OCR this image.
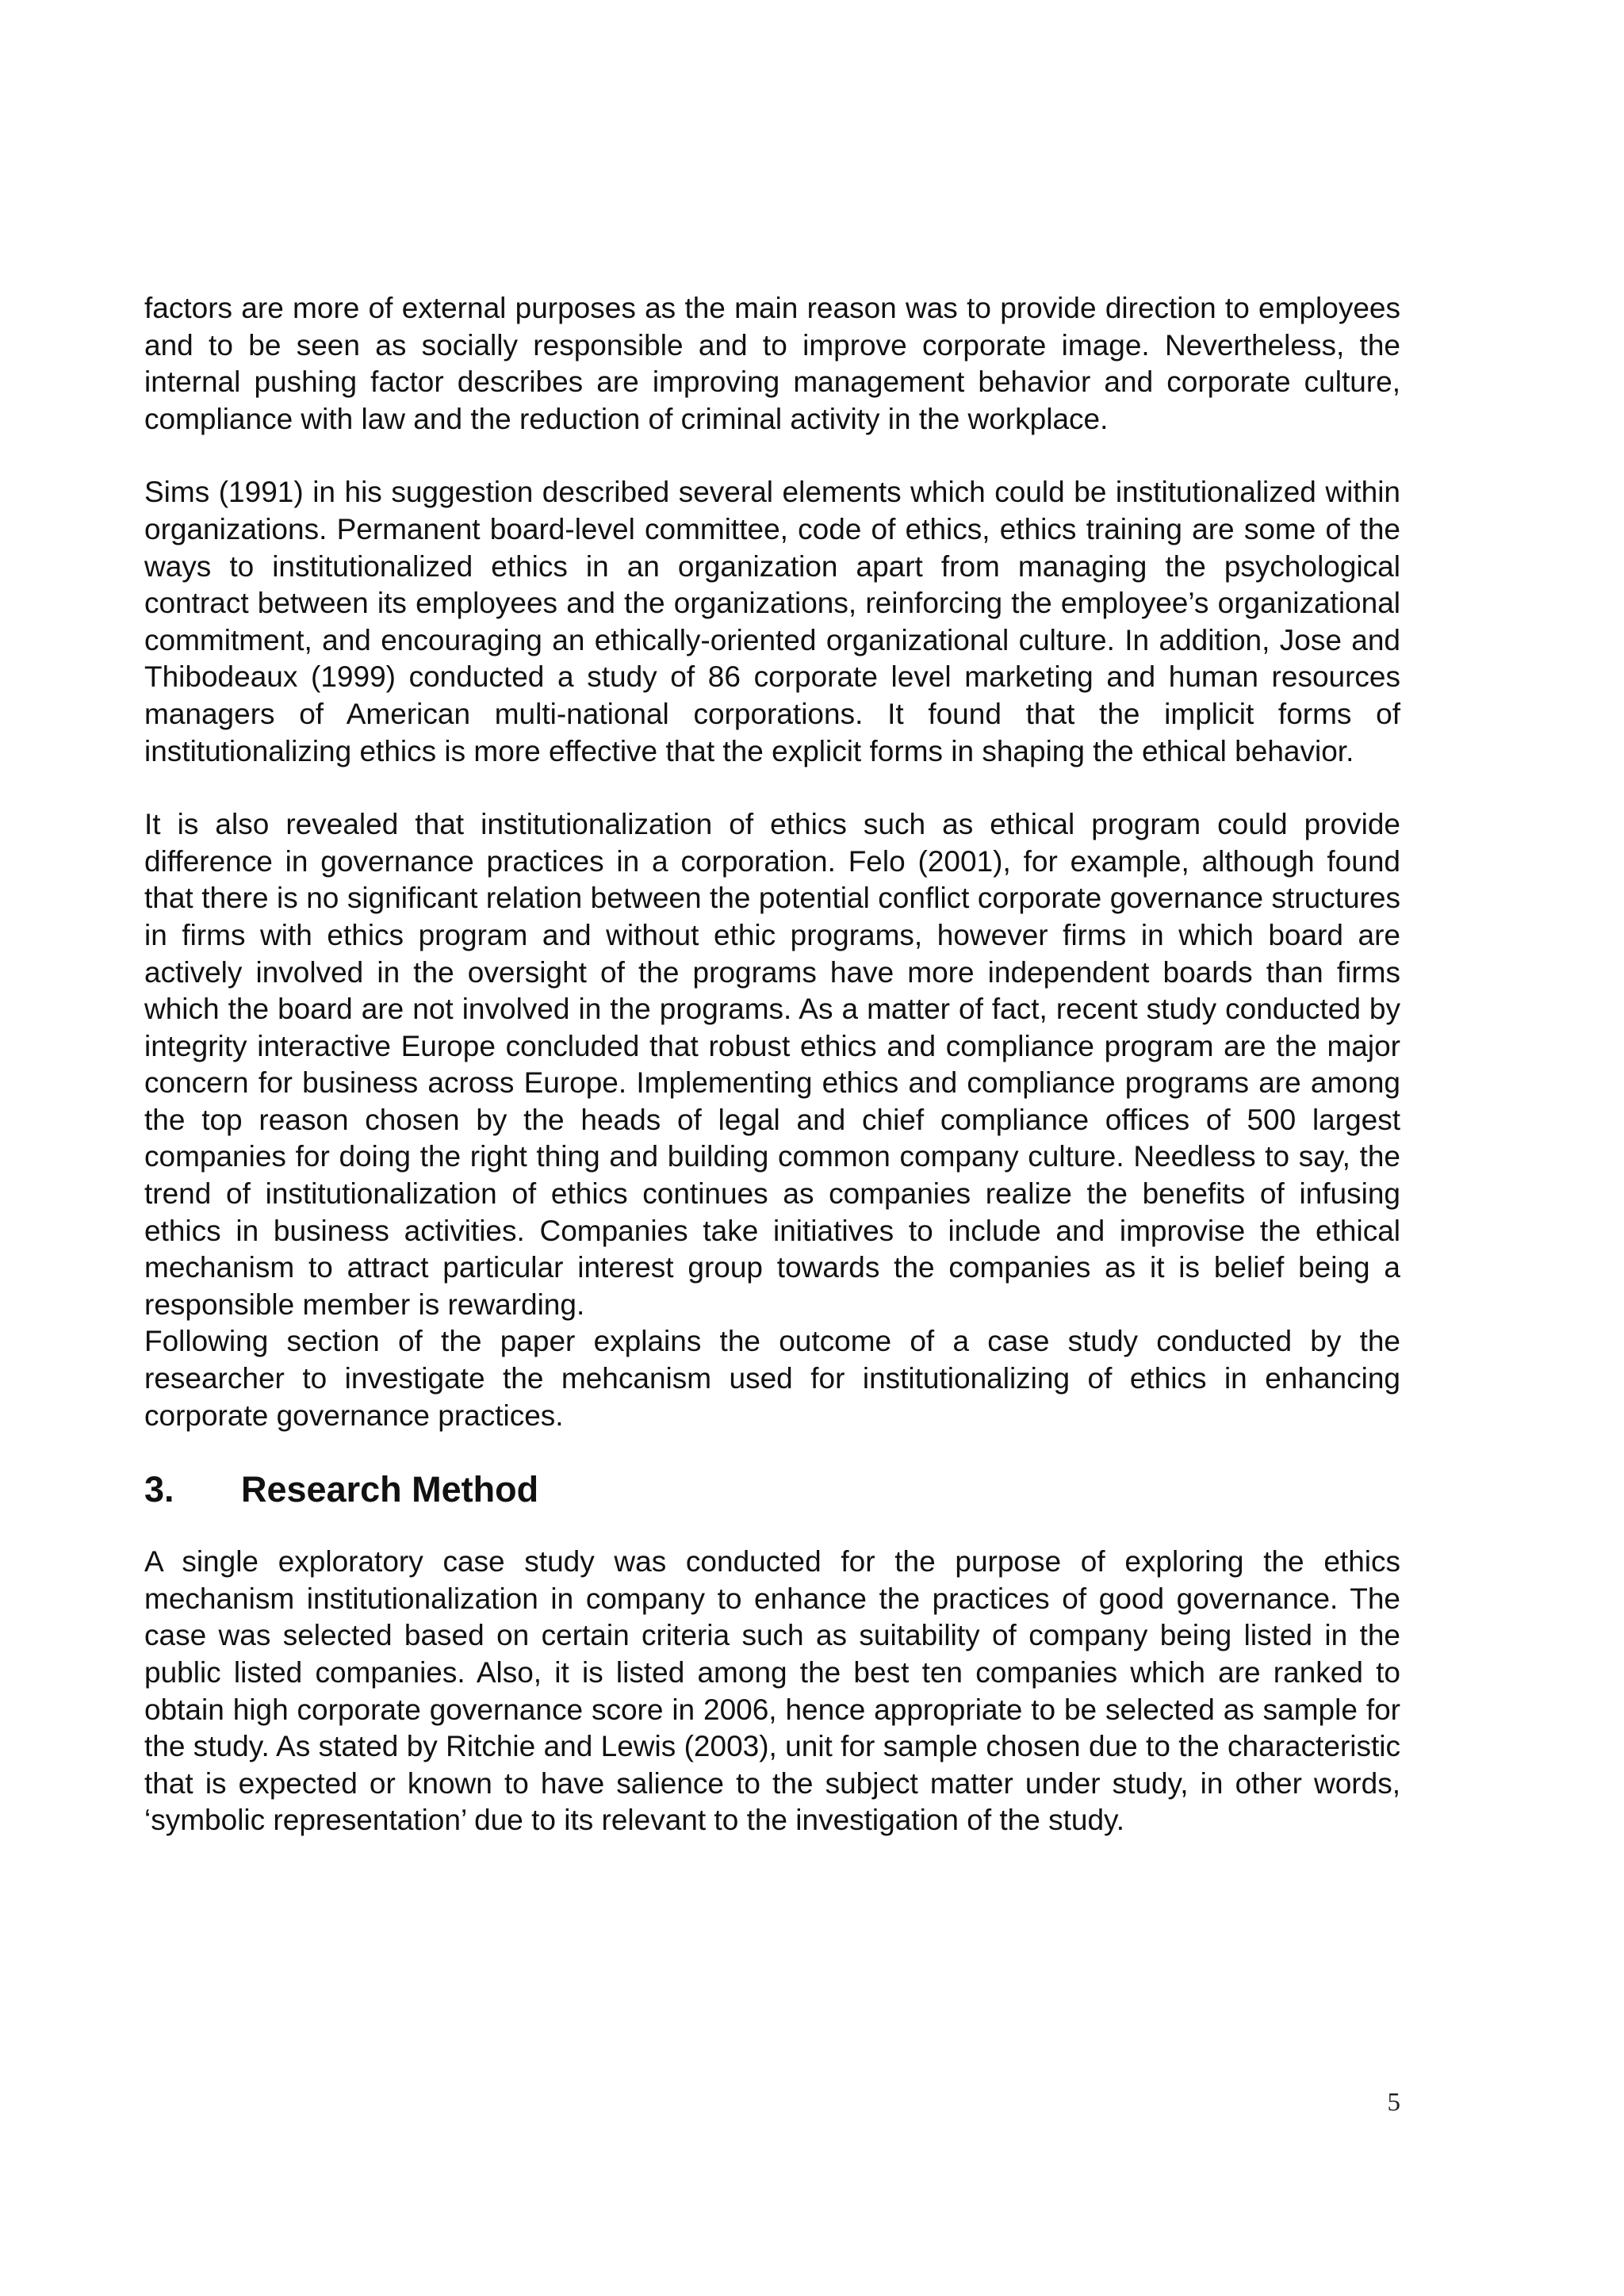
factors are more of external purposes as the main reason was to provide direction to employees and to be seen as socially responsible and to improve corporate image. Nevertheless, the internal pushing factor describes are improving management behavior and corporate culture, compliance with law and the reduction of criminal activity in the workplace.

Sims (1991) in his suggestion described several elements which could be institutionalized within organizations. Permanent board-level committee, code of ethics, ethics training are some of the ways to institutionalized ethics in an organization apart from managing the psychological contract between its employees and the organizations, reinforcing the employee’s organizational commitment, and encouraging an ethically-oriented organizational culture. In addition, Jose and Thibodeaux (1999) conducted a study of 86 corporate level marketing and human resources managers of American multi-national corporations. It found that the implicit forms of institutionalizing ethics is more effective that the explicit forms in shaping the ethical behavior.

It is also revealed that institutionalization of ethics such as ethical program could provide difference in governance practices in a corporation. Felo (2001), for example, although found that there is no significant relation between the potential conflict corporate governance structures in firms with ethics program and without ethic programs, however firms in which board are actively involved in the oversight of the programs have more independent boards than firms which the board are not involved in the programs. As a matter of fact, recent study conducted by integrity interactive Europe concluded that robust ethics and compliance program are the major concern for business across Europe. Implementing ethics and compliance programs are among the top reason chosen by the heads of legal and chief compliance offices of 500 largest companies for doing the right thing and building common company culture. Needless to say, the trend of institutionalization of ethics continues as companies realize the benefits of infusing ethics in business activities. Companies take initiatives to include and improvise the ethical mechanism to attract particular interest group towards the companies as it is belief being a responsible member is rewarding.

Following section of the paper explains the outcome of a case study conducted by the researcher to investigate the mehcanism used for institutionalizing of ethics in enhancing corporate governance practices.

3.	Research Method

A single exploratory case study was conducted for the purpose of exploring the ethics mechanism institutionalization in company to enhance the practices of good governance. The case was selected based on certain criteria such as suitability of company being listed in the public listed companies. Also, it is listed among the best ten companies which are ranked to obtain high corporate governance score in 2006, hence appropriate to be selected as sample for the study. As stated by Ritchie and Lewis (2003), unit for sample chosen due to the characteristic that is expected or known to have salience to the subject matter under study, in other words, ‘symbolic representation’ due to its relevant to the investigation of the study.

5
